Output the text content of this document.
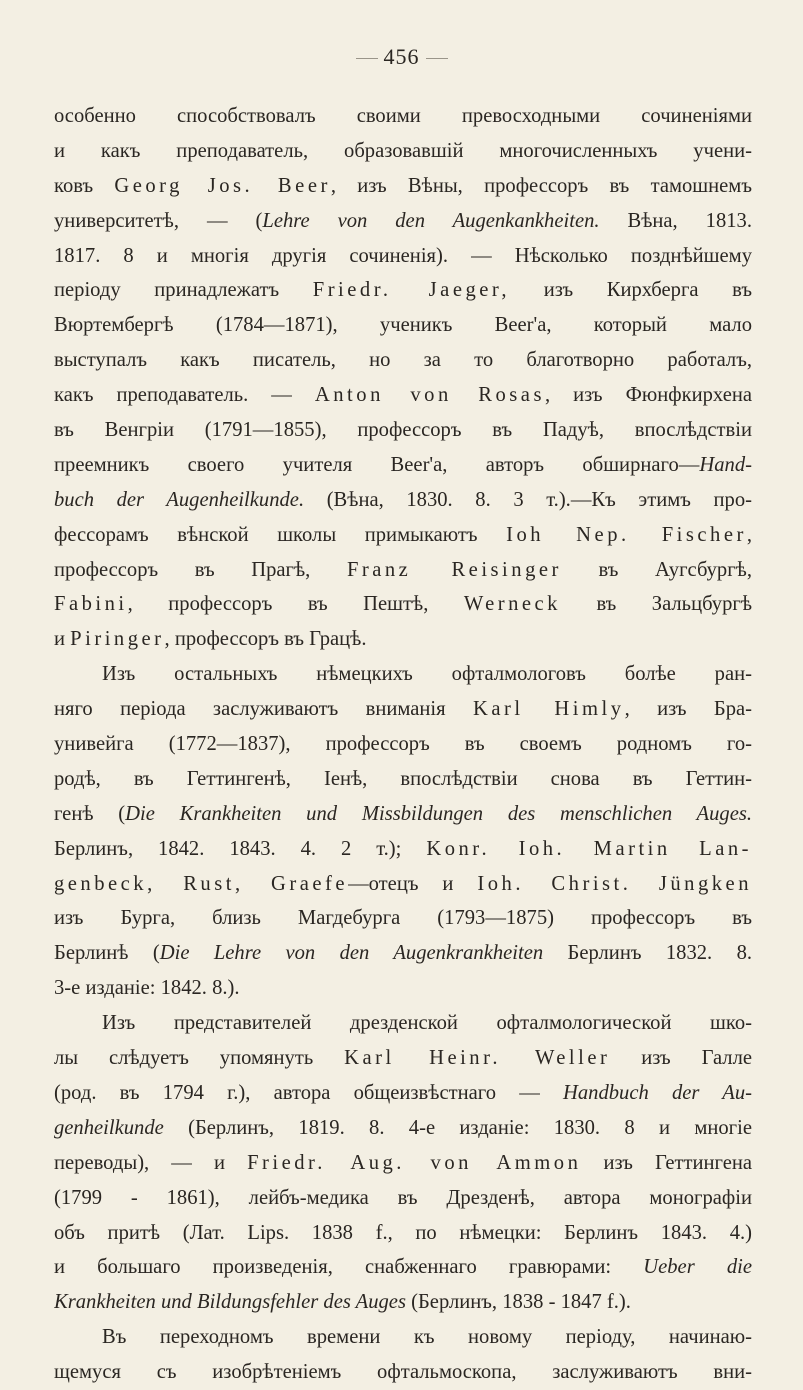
456
особенно способствовалъ своими превосходными сочиненіями
и какъ преподаватель, образовавшій многочисленныхъ учени-
ковъ Georg Jos. Beer, изъ Вѣны, профессоръ въ тамошнемъ
университетѣ, — (Lehre von den Augenkankheiten. Вѣна, 1813.
1817. 8 и многія другія сочиненія). — Нѣсколько позднѣйшему
періоду принадлежатъ Friedr. Jaeger, изъ Кирхберга въ
Вюртембергѣ (1784—1871), ученикъ Beer'а, который мало
выступалъ какъ писатель, но за то благотворно работалъ,
какъ преподаватель. — Anton von Rosas, изъ Фюнфкирхена
въ Венгріи (1791—1855), профессоръ въ Падуѣ, впослѣдствіи
преемникъ своего учителя Beer'а, авторъ обширнаго—Hand-
buch der Augenheilkunde. (Вѣна, 1830. 8. 3 т.).—Къ этимъ про-
фессорамъ вѣнской школы примыкаютъ Ioh Nep. Fischer,
профессоръ въ Прагѣ, Franz Reisinger въ Аугсбургѣ,
Fabini, профессоръ въ Пештѣ, Werneck въ Зальцбургѣ
и Piringer, профессоръ въ Грацѣ.
Изъ остальныхъ нѣмецкихъ офталмологовъ болѣе ран-
няго періода заслуживаютъ вниманія Karl Himly, изъ Бра-
унивейга (1772—1837), профессоръ въ своемъ родномъ го-
родѣ, въ Геттингенѣ, Іенѣ, впослѣдствіи снова въ Геттин-
генѣ (Die Krankheiten und Missbildungen des menschlichen Auges.
Берлинъ, 1842. 1843. 4. 2 т.); Konr. Ioh. Martin Lan-
genbeck, Rust, Graefe—отецъ и Ioh. Christ. Jüngken
изъ Бурга, близь Магдебурга (1793—1875) профессоръ въ
Берлинѣ (Die Lehre von den Augenkrankheiten Берлинъ 1832. 8.
3-е изданіе: 1842. 8.).
Изъ представителей дрезденской офталмологической шко-
лы слѣдуетъ упомянуть Karl Heinr. Weller изъ Галле
(род. въ 1794 г.), автора общеизвѣстнаго — Handbuch der Au-
genheilkunde (Берлинъ, 1819. 8. 4-е изданіе: 1830. 8 и многіе
переводы), — и Friedr. Aug. von Ammon изъ Геттингена
(1799 - 1861), лейбъ-медика въ Дрезденѣ, автора монографіи
объ притѣ (Лат. Lips. 1838 f., по нѣмецки: Берлинъ 1843. 4.)
и большаго произведенія, снабженнаго гравюрами: Ueber die
Krankheiten und Bildungsfehler des Auges (Берлинъ, 1838 - 1847 f.).
Въ переходномъ времени къ новому періоду, начинаю-
щемуся съ изобрѣтеніемъ офтальмоскопа, заслуживаютъ вни-
